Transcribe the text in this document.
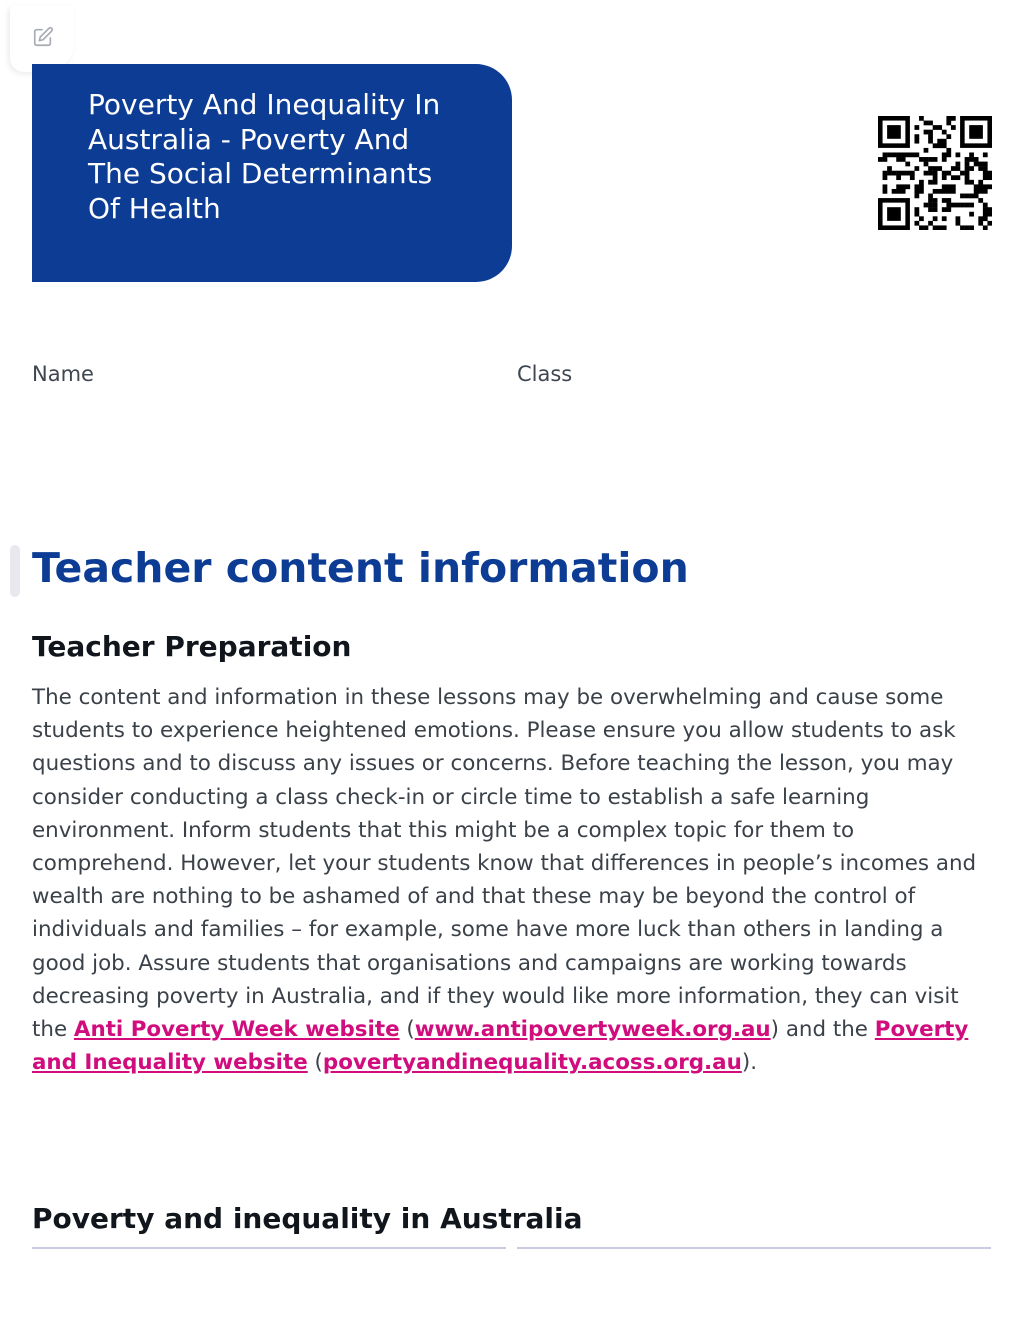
Poverty And Inequality In Australia - Poverty And The Social Determinants Of Health
Name	Class
Teacher content information
Teacher Preparation

The content and information in these lessons may be overwhelming and cause some students to experience heightened emotions. Please ensure you allow students to ask questions and to discuss any issues or concerns. Before teaching the lesson, you may consider conducting a class check-in or circle time to establish a safe learning environment. Inform students that this might be a complex topic for them to comprehend. However, let your students know that differences in people’s incomes and wealth are nothing to be ashamed of and that these may be beyond the control of individuals and families – for example, some have more luck than others in landing a good job. Assure students that organisations and campaigns are working towards decreasing poverty in Australia, and if they would like more information, they can visit the Anti Poverty Week website (www.antipovertyweek.org.au) and the Poverty and Inequality website (povertyandinequality.acoss.org.au).

Poverty and inequality in Australia
